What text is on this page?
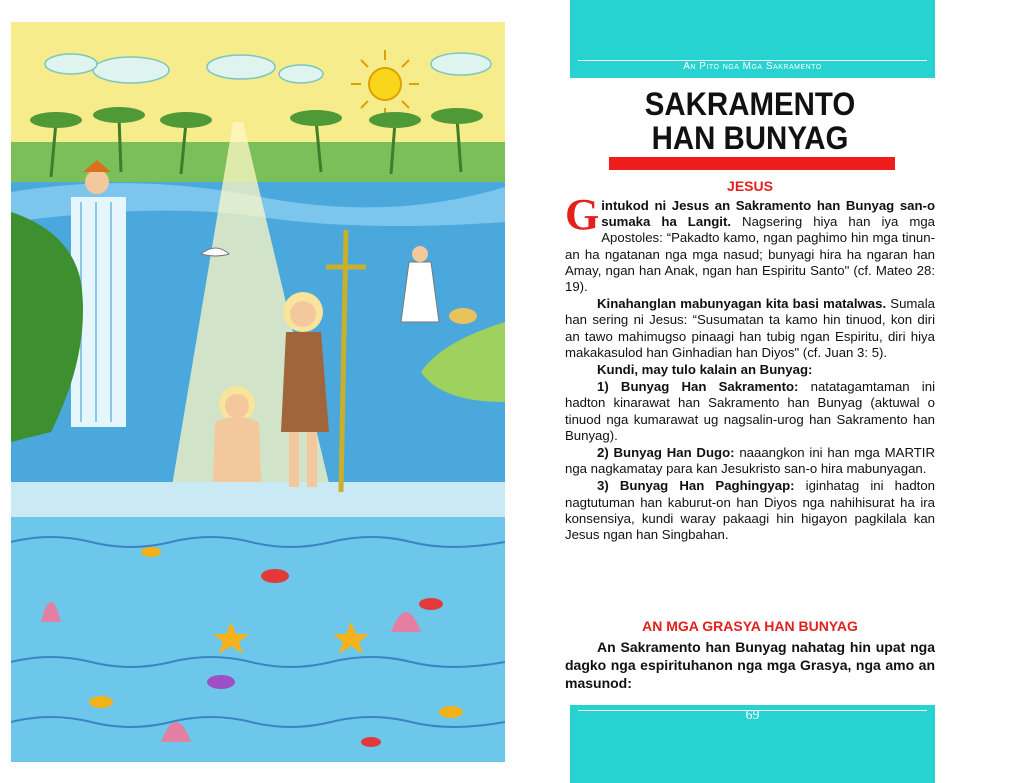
An Pito nga Mga Sakramento
SAKRAMENTO
HAN BUNYAG
JESUS

Gintukod ni Jesus an Sakramento han Bunyag san-o sumaka ha Langit. Nagsering hiya han iya mga Apostoles: “Pakadto kamo, ngan paghimo hin mga tinun-an ha ngatanan nga mga nasud; bunyagi hira ha ngaran han Amay, ngan han Anak, ngan han Espiritu Santo" (cf. Mateo 28: 19).

Kinahanglan mabunyagan kita basi matalwas. Sumala han sering ni Jesus: “Susumatan ta kamo hin tinuod, kon diri an tawo mahimugso pinaagi han tubig ngan Espiritu, diri hiya makakasulod han Ginhadian han Diyos" (cf. Juan 3: 5).

Kundi, may tulo kalain an Bunyag:

1) Bunyag Han Sakramento: natatagamtaman ini hadton kinarawat han Sakramento han Bunyag (aktuwal o tinuod nga kumarawat ug nagsalin-urog han Sakramento han Bunyag).

2) Bunyag Han Dugo: naaangkon ini han mga MARTIR nga nagkamatay para kan Jesukristo san-o hira mabunyagan.

3) Bunyag Han Paghingyap: iginhatag ini hadton nagtutuman han kaburut-on han Diyos nga nahihisurat ha ira konsensiya, kundi waray pakaagi hin higayon pagkilala kan Jesus ngan han Singbahan.

AN MGA GRASYA HAN BUNYAG

An Sakramento han Bunyag nahatag hin upat nga dagko nga espirituhanon nga mga Grasya, nga amo an masunod:

69
